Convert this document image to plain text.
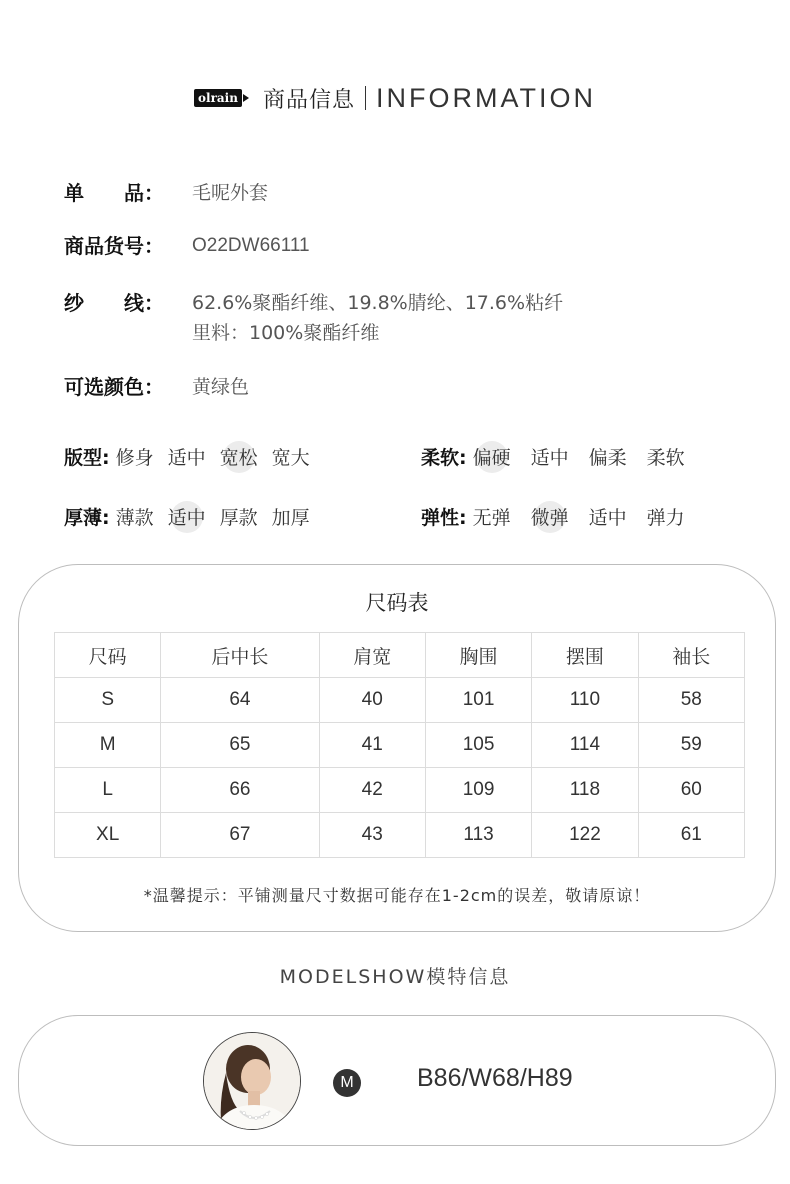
olrain 商品信息 INFORMATION
单　　品： 毛呢外套
商品货号： O22DW66111
纱　　线： 62.6%聚酯纤维、19.8%腈纶、17.6%粘纤
里料：100%聚酯纤维
可选颜色： 黄绿色
版型: 修身 适中 宽松 宽大	柔软: 偏硬 适中 偏柔 柔软
厚薄: 薄款 适中 厚款 加厚	弹性: 无弹 微弹 适中 弹力
尺码表
尺码	后中长	肩宽	胸围	摆围	袖长
S	64	40	101	110	58
M	65	41	105	114	59
L	66	42	109	118	60
XL	67	43	113	122	61
*温馨提示：平铺测量尺寸数据可能存在1-2cm的误差，敬请原谅！
MODELSHOW模特信息
M	B86/W68/H89
